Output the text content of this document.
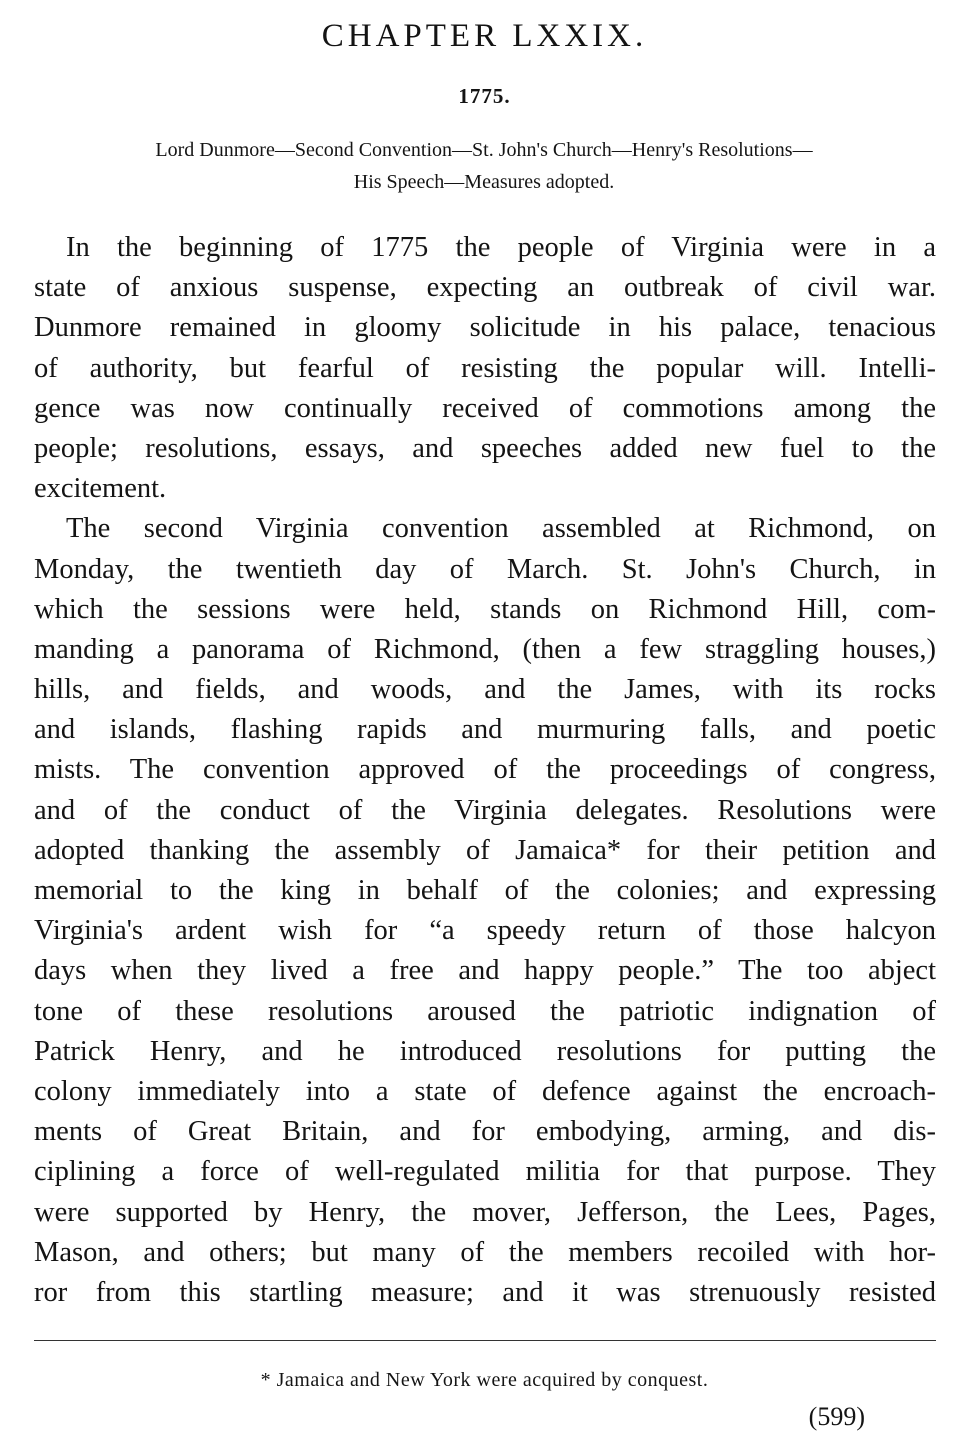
CHAPTER LXXIX.
1775.
Lord Dunmore—Second Convention—St. John's Church—Henry's Resolutions—
His Speech—Measures adopted.
In the beginning of 1775 the people of Virginia were in a
state of anxious suspense, expecting an outbreak of civil war.
Dunmore remained in gloomy solicitude in his palace, tenacious
of authority, but fearful of resisting the popular will. Intelli-
gence was now continually received of commotions among the
people; resolutions, essays, and speeches added new fuel to the
excitement.
The second Virginia convention assembled at Richmond, on
Monday, the twentieth day of March. St. John's Church, in
which the sessions were held, stands on Richmond Hill, com-
manding a panorama of Richmond, (then a few straggling houses,)
hills, and fields, and woods, and the James, with its rocks
and islands, flashing rapids and murmuring falls, and poetic
mists. The convention approved of the proceedings of congress,
and of the conduct of the Virginia delegates. Resolutions were
adopted thanking the assembly of Jamaica* for their petition and
memorial to the king in behalf of the colonies; and expressing
Virginia's ardent wish for “a speedy return of those halcyon
days when they lived a free and happy people.” The too abject
tone of these resolutions aroused the patriotic indignation of
Patrick Henry, and he introduced resolutions for putting the
colony immediately into a state of defence against the encroach-
ments of Great Britain, and for embodying, arming, and dis-
ciplining a force of well-regulated militia for that purpose. They
were supported by Henry, the mover, Jefferson, the Lees, Pages,
Mason, and others; but many of the members recoiled with hor-
ror from this startling measure; and it was strenuously resisted
* Jamaica and New York were acquired by conquest.
(599)
